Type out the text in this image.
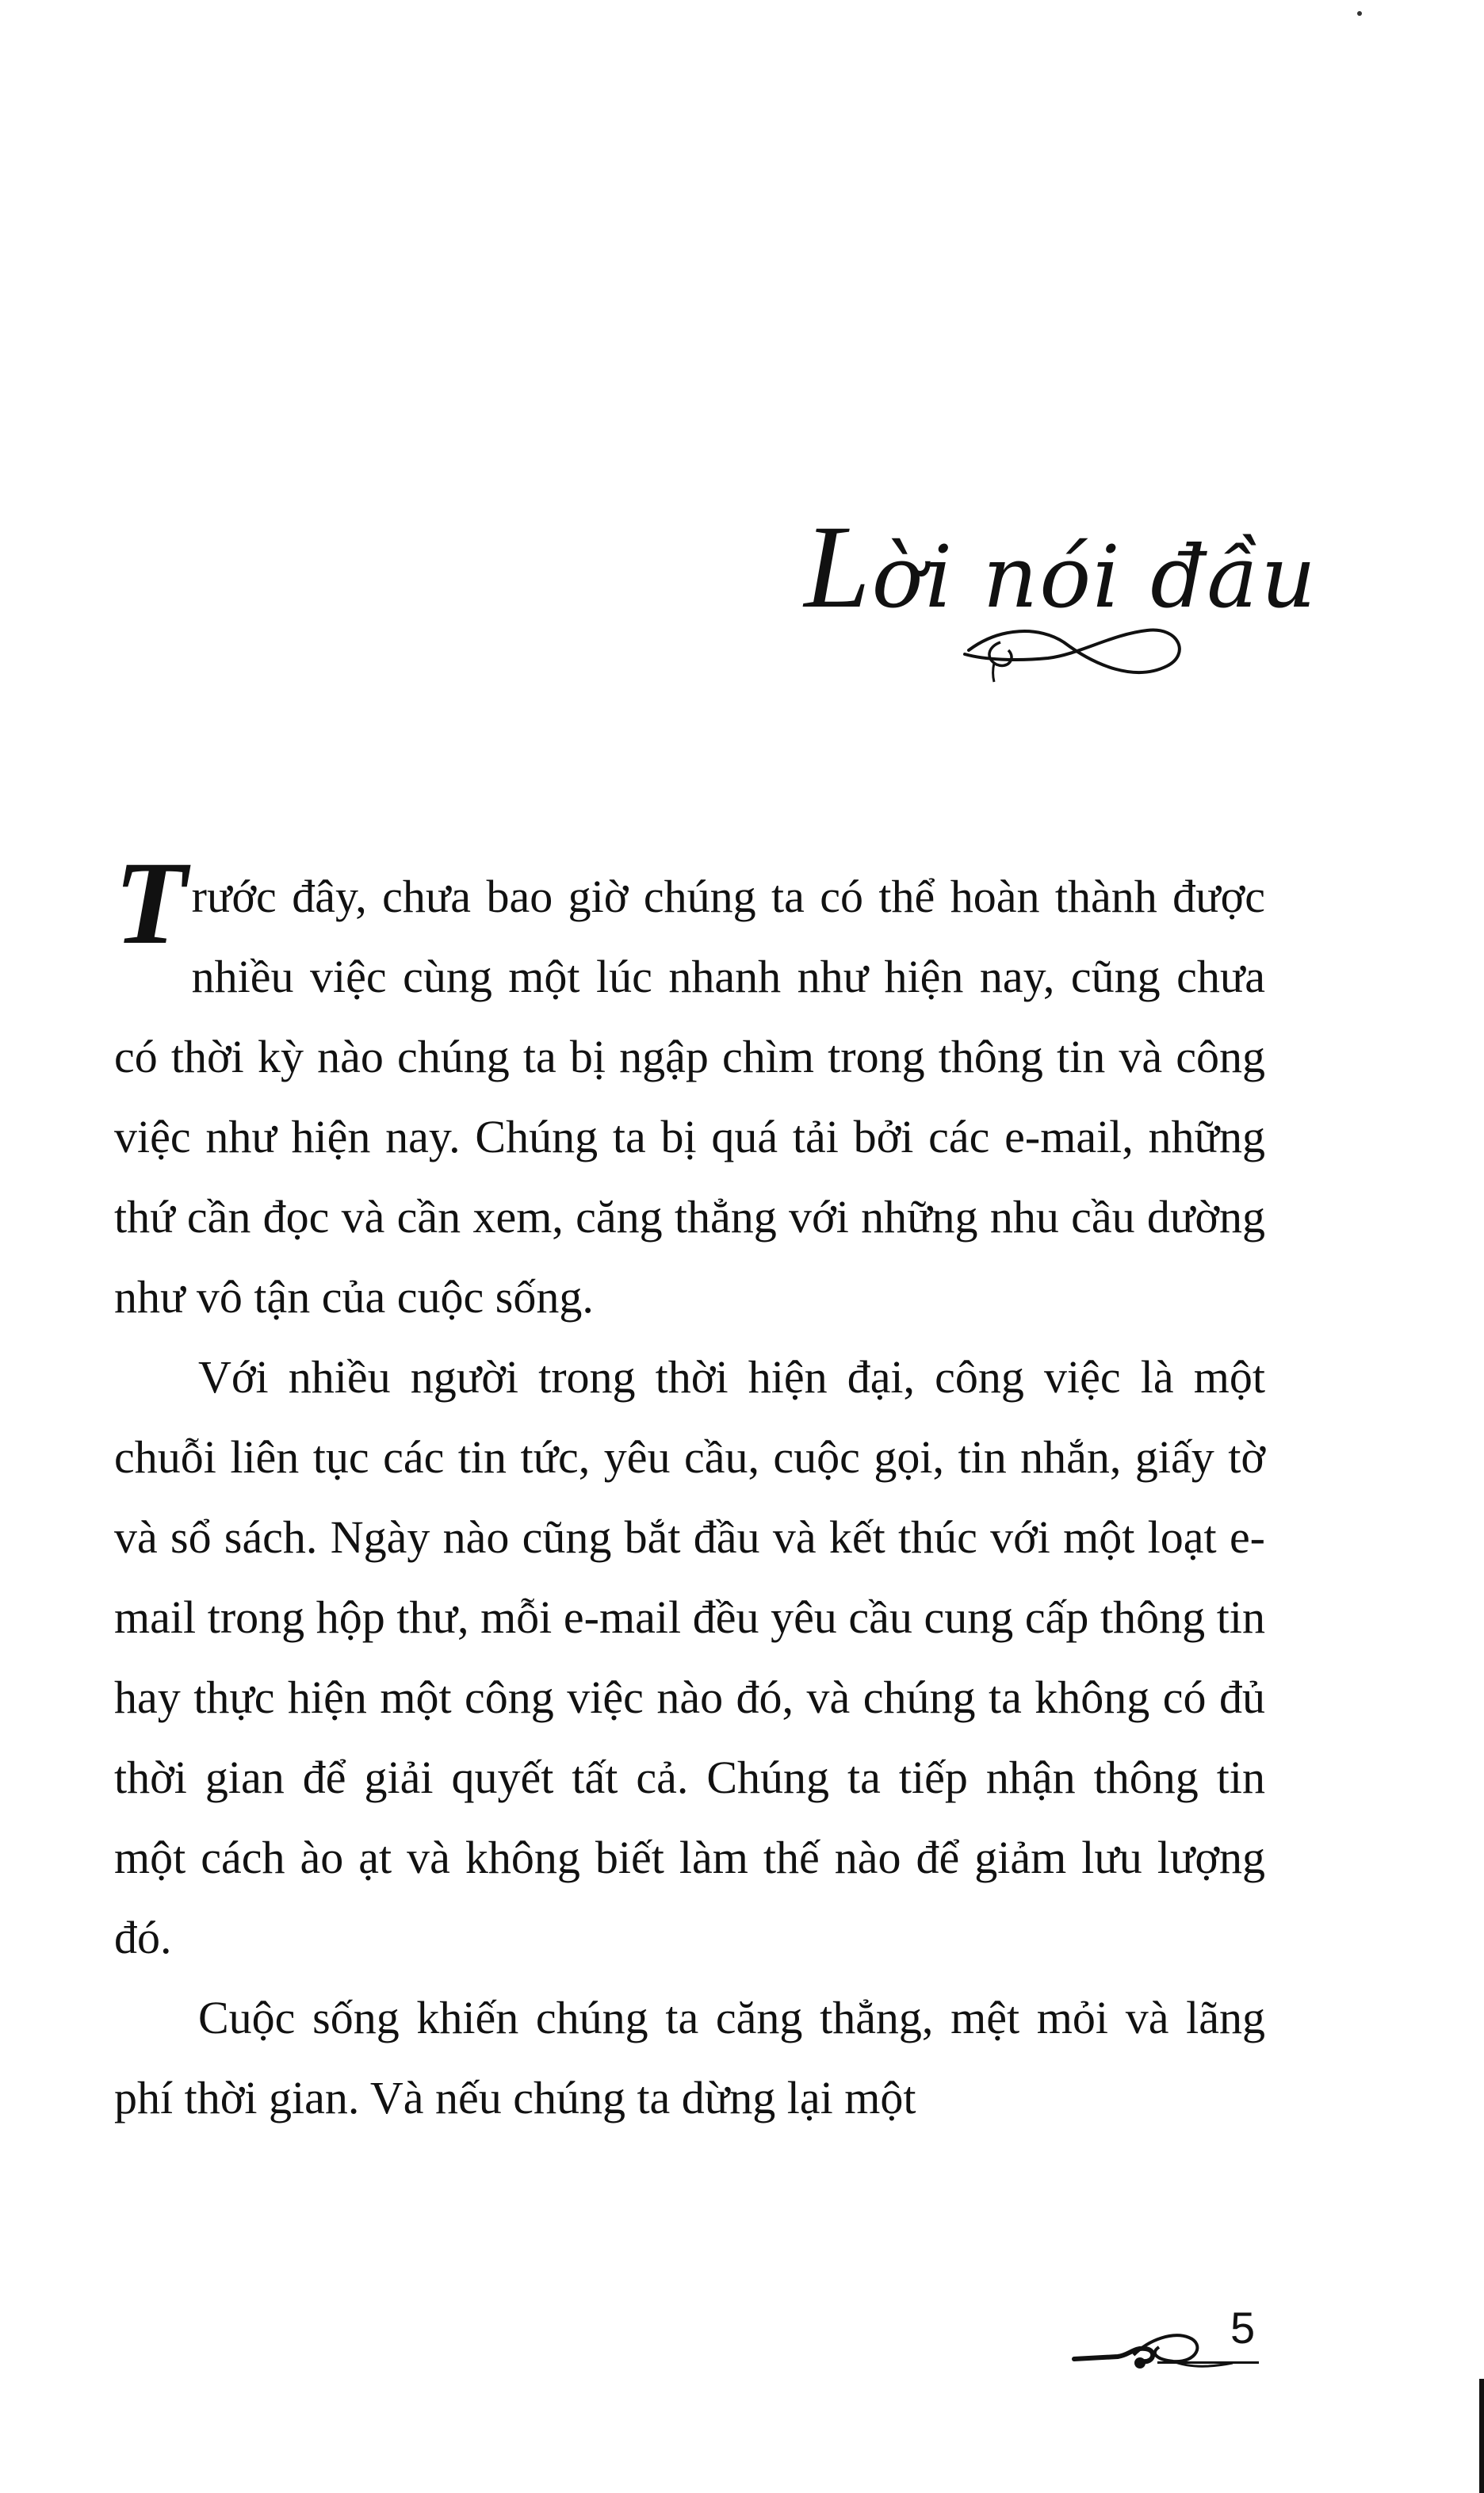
Lời nói đầu

Trước đây, chưa bao giờ chúng ta có thể hoàn thành được nhiều việc cùng một lúc nhanh như hiện nay, cũng chưa có thời kỳ nào chúng ta bị ngập chìm trong thông tin và công việc như hiện nay. Chúng ta bị quá tải bởi các e-mail, những thứ cần đọc và cần xem, căng thẳng với những nhu cầu dường như vô tận của cuộc sống.

Với nhiều người trong thời hiện đại, công việc là một chuỗi liên tục các tin tức, yêu cầu, cuộc gọi, tin nhắn, giấy tờ và sổ sách. Ngày nào cũng bắt đầu và kết thúc với một loạt e-mail trong hộp thư, mỗi e-mail đều yêu cầu cung cấp thông tin hay thực hiện một công việc nào đó, và chúng ta không có đủ thời gian để giải quyết tất cả. Chúng ta tiếp nhận thông tin một cách ào ạt và không biết làm thế nào để giảm lưu lượng đó.

Cuộc sống khiến chúng ta căng thẳng, mệt mỏi và lãng phí thời gian. Và nếu chúng ta dừng lại một

5
